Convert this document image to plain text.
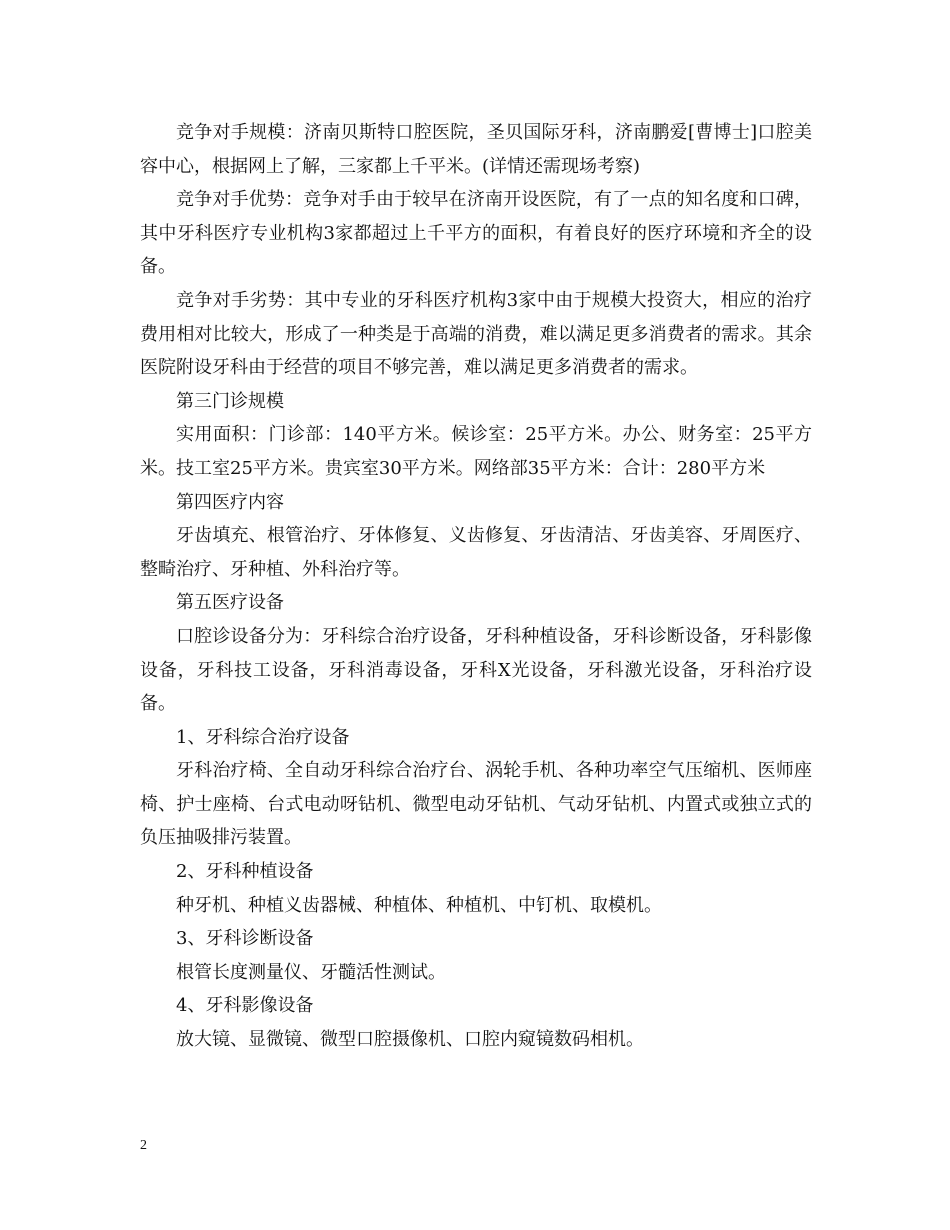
竞争对手规模：济南贝斯特口腔医院，圣贝国际牙科，济南鹏爱[曹博士]口腔美容中心，根据网上了解，三家都上千平米。(详情还需现场考察)

竞争对手优势：竞争对手由于较早在济南开设医院，有了一点的知名度和口碑，其中牙科医疗专业机构3家都超过上千平方的面积，有着良好的医疗环境和齐全的设备。

竞争对手劣势：其中专业的牙科医疗机构3家中由于规模大投资大，相应的治疗费用相对比较大，形成了一种类是于高端的消费，难以满足更多消费者的需求。其余医院附设牙科由于经营的项目不够完善，难以满足更多消费者的需求。

第三门诊规模

实用面积：门诊部：140平方米。候诊室：25平方米。办公、财务室：25平方米。技工室25平方米。贵宾室30平方米。网络部35平方米：合计：280平方米

第四医疗内容

牙齿填充、根管治疗、牙体修复、义齿修复、牙齿清洁、牙齿美容、牙周医疗、整畸治疗、牙种植、外科治疗等。

第五医疗设备

口腔诊设备分为：牙科综合治疗设备，牙科种植设备，牙科诊断设备，牙科影像设备，牙科技工设备，牙科消毒设备，牙科X光设备，牙科激光设备，牙科治疗设备。

1、牙科综合治疗设备

牙科治疗椅、全自动牙科综合治疗台、涡轮手机、各种功率空气压缩机、医师座椅、护士座椅、台式电动呀钻机、微型电动牙钻机、气动牙钻机、内置式或独立式的负压抽吸排污装置。

2、牙科种植设备

种牙机、种植义齿器械、种植体、种植机、中钉机、取模机。

3、牙科诊断设备

根管长度测量仪、牙髓活性测试。

4、牙科影像设备

放大镜、显微镜、微型口腔摄像机、口腔内窥镜数码相机。

2
